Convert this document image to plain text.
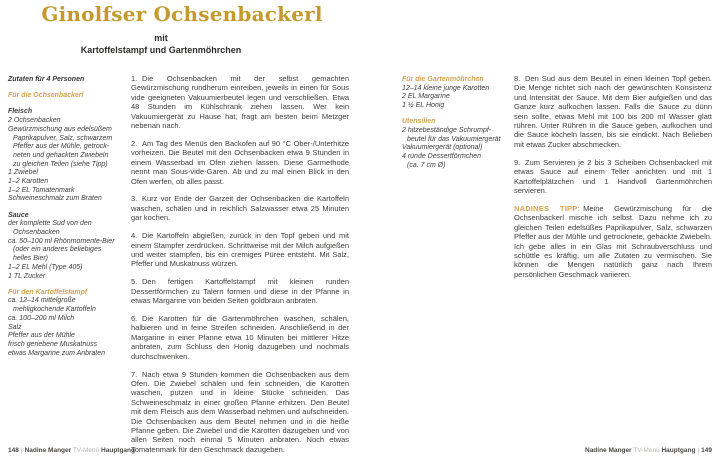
Ginolfser Ochsenbackerl
mit
Kartoffelstampf und Gartenmöhrchen
Zutaten für 4 Personen
Für die Ochsenbackerl
Fleisch
2 Ochsenbacken
Gewürzmischung aus edelsüßem
Paprikapulver, Salz, schwarzem
Pfeffer aus der Mühle, getrock-
neten und gehackten Zwiebeln
zu gleichen Teilen (siehe Tipp)
1 Zwiebel
1–2 Karotten
1–2 EL Tomatenmark
Schweineschmalz zum Braten
Sauce
der komplette Sud von den
Ochsenbacken
ca. 50–100 ml Rhönmomente-Bier
(oder ein anderes beliebiges
helles Bier)
1–2 EL Mehl (Type 405)
1 TL Zucker
Für den Kartoffelstampf
ca. 12–14 mittelgroße
mehligkochende Kartoffeln
ca. 100–200 ml Milch
Salz
Pfeffer aus der Mühle
frisch geriebene Muskatnuss
etwas Margarine zum Anbraten

1. Die Ochsenbacken mit der selbst gemachten Gewürzmischung rundherum einreiben, jeweils in einen für Sous vide geeigneten Vakuumierbeutel legen und verschließen. Etwa 48 Stunden im Kühlschrank ziehen lassen. Wer kein Vakuumiergerät zu Hause hat, fragt am besten beim Metzger nebenan nach.

2. Am Tag des Menüs den Backofen auf 90 °C Ober-/Unterhitze vorheizen. Die Beutel mit den Ochsenbacken etwa 9 Stunden in einem Wasserbad im Ofen ziehen lassen. Diese Garmethode nennt man Sous-vide-Garen. Ab und zu mal einen Blick in den Ofen werfen, ob alles passt.

3. Kurz vor Ende der Garzeit der Ochsenbacken die Kartoffeln waschen, schälen und in reichlich Salzwasser etwa 25 Minuten gar kochen.

4. Die Kartoffeln abgießen, zurück in den Topf geben und mit einem Stampfer zerdrücken. Schrittweise mit der Milch aufgießen und weiter stampfen, bis ein cremiges Püree entsteht. Mit Salz, Pfeffer und Muskatnuss würzen.

5. Den fertigen Kartoffelstampf mit kleinen runden Dessertförmchen zu Talern formen und diese in der Pfanne in etwas Margarine von beiden Seiten goldbraun anbraten.

6. Die Karotten für die Gartenmöhrchen waschen, schälen, halbieren und in feine Streifen schneiden. Anschließend in der Margarine in einer Pfanne etwa 10 Minuten bei mittlerer Hitze anbraten, zum Schluss den Honig dazugeben und nochmals durchschwenken.

7. Nach etwa 9 Stunden kommen die Ochsenbacken aus dem Ofen. Die Zwiebel schälen und fein schneiden, die Karotten waschen, putzen und in kleine Stücke schneiden. Das Schweineschmalz in einer großen Pfanne erhitzen. Den Beutel mit dem Fleisch aus dem Wasserbad nehmen und aufschneiden. Die Ochsenbacken aus dem Beutel nehmen und in die heiße Pfanne geben. Die Zwiebel und die Karotten dazugeben und von allen Seiten noch einmal 5 Minuten anbraten. Noch etwas Tomatenmark für den Geschmack dazugeben.

Für die Gartenmöhrchen
12–14 kleine junge Karotten
2 EL Margarine
1 ½ EL Honig
Utensilien
2 hitzebeständige Schrumpf-
beutel für das Vakuumiergerät
Vakuumiergerät (optional)
4 runde Dessertförmchen
(ca. 7 cm Ø)

8. Den Sud aus dem Beutel in einen kleinen Topf geben. Die Menge richtet sich nach der gewünschten Konsistenz und Intensität der Sauce. Mit dem Bier aufgießen und das Ganze kurz aufkochen lassen. Falls die Sauce zu dünn sein sollte, etwas Mehl mit 100 bis 200 ml Wasser glatt rühren. Unter Rühren in die Sauce geben, aufkochen und die Sauce köcheln lassen, bis sie eindickt. Nach Belieben mit etwas Zucker abschmecken.

9. Zum Servieren je 2 bis 3 Scheiben Ochsenbackerl mit etwas Sauce auf einem Teller anrichten und mit 1 Kartoffelplätzchen und 1 Handvoll Gartenmöhrchen servieren.

NADINES TIPP: Meine Gewürzmischung für die Ochsenbackerl mische ich selbst. Dazu nehme ich zu gleichen Teilen edelsüßes Paprikapulver, Salz, schwarzen Pfeffer aus der Mühle und getrocknete, gehackte Zwiebeln. Ich gebe alles in ein Glas mit Schraubverschluss und schüttle es kräftig, um alle Zutaten zu vermischen. Sie können die Mengen natürlich ganz nach Ihrem persönlichen Geschmack variieren.

148 | Nadine Manger TV-Menü Hauptgang	Nadine Manger TV-Menü Hauptgang | 149
